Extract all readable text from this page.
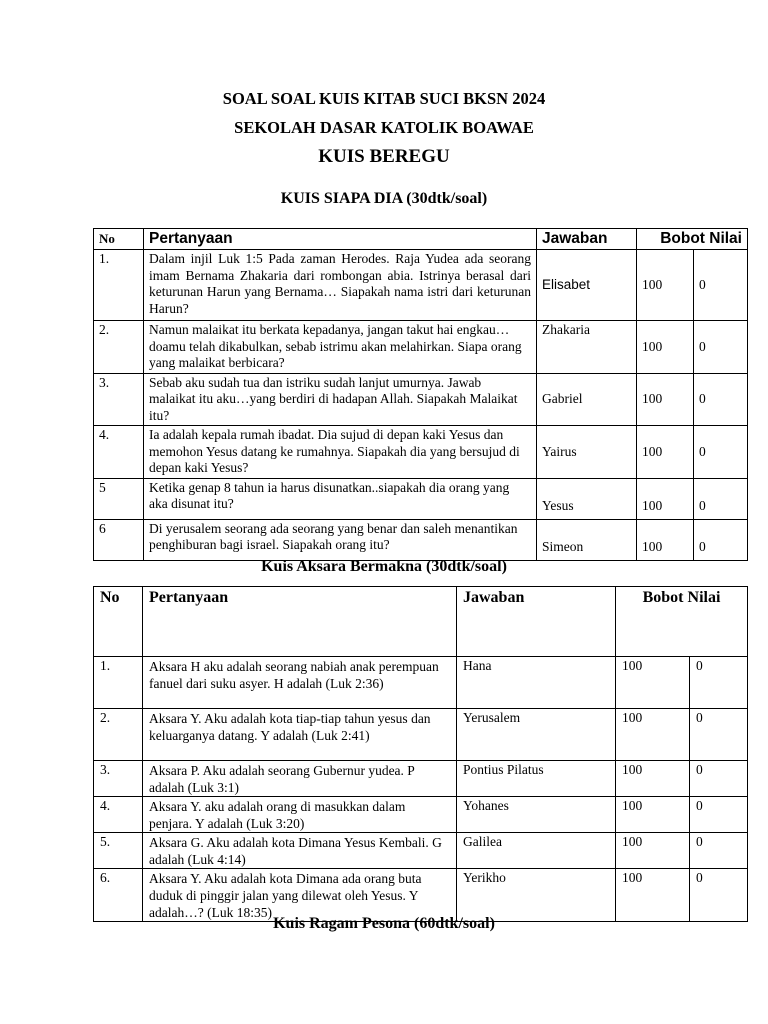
SOAL SOAL KUIS KITAB SUCI BKSN 2024
SEKOLAH DASAR KATOLIK BOAWAE
KUIS BEREGU
KUIS SIAPA DIA (30dtk/soal)
No	Pertanyaan	Jawaban	Bobot Nilai	
1.	Dalam injil Luk 1:5 Pada zaman Herodes. Raja Yudea ada seorang imam Bernama Zhakaria dari rombongan abia. Istrinya berasal dari keturunan Harun yang Bernama… Siapakah nama istri dari keturunan Harun?	Elisabet	100	0
2.	Namun malaikat itu berkata kepadanya, jangan takut hai engkau…doamu telah dikabulkan, sebab istrimu akan melahirkan. Siapa orang yang malaikat berbicara?	Zhakaria	100	0
3.	Sebab aku sudah tua dan istriku sudah lanjut umurnya. Jawab malaikat itu aku…yang berdiri di hadapan Allah. Siapakah Malaikat itu?	Gabriel	100	0
4.	Ia adalah kepala rumah ibadat. Dia sujud di depan kaki Yesus dan memohon Yesus datang ke rumahnya. Siapakah dia yang bersujud di depan kaki Yesus?	Yairus	100	0
5	Ketika genap 8 tahun ia harus disunatkan..siapakah dia orang yang aka disunat itu?	Yesus	100	0
6	Di yerusalem seorang ada seorang yang benar dan saleh menantikan penghiburan bagi israel. Siapakah orang itu?	Simeon	100	0
Kuis Aksara Bermakna (30dtk/soal)
No	Pertanyaan	Jawaban	Bobot Nilai	
1.	Aksara H aku adalah seorang nabiah anak perempuan fanuel dari suku asyer. H adalah (Luk 2:36)	Hana	100	0
2.	Aksara Y. Aku adalah kota tiap-tiap tahun yesus dan keluarganya datang. Y adalah (Luk 2:41)	Yerusalem	100	0
3.	Aksara P. Aku adalah seorang Gubernur yudea. P adalah (Luk 3:1)	Pontius Pilatus	100	0
4.	Aksara Y. aku adalah orang di masukkan dalam penjara. Y adalah (Luk 3:20)	Yohanes	100	0
5.	Aksara G. Aku adalah kota Dimana Yesus Kembali. G adalah (Luk 4:14)	Galilea	100	0
6.	Aksara Y. Aku adalah kota Dimana ada orang buta duduk di pinggir jalan yang dilewat oleh Yesus. Y adalah…? (Luk 18:35)	Yerikho	100	0
Kuis Ragam Pesona (60dtk/soal)
